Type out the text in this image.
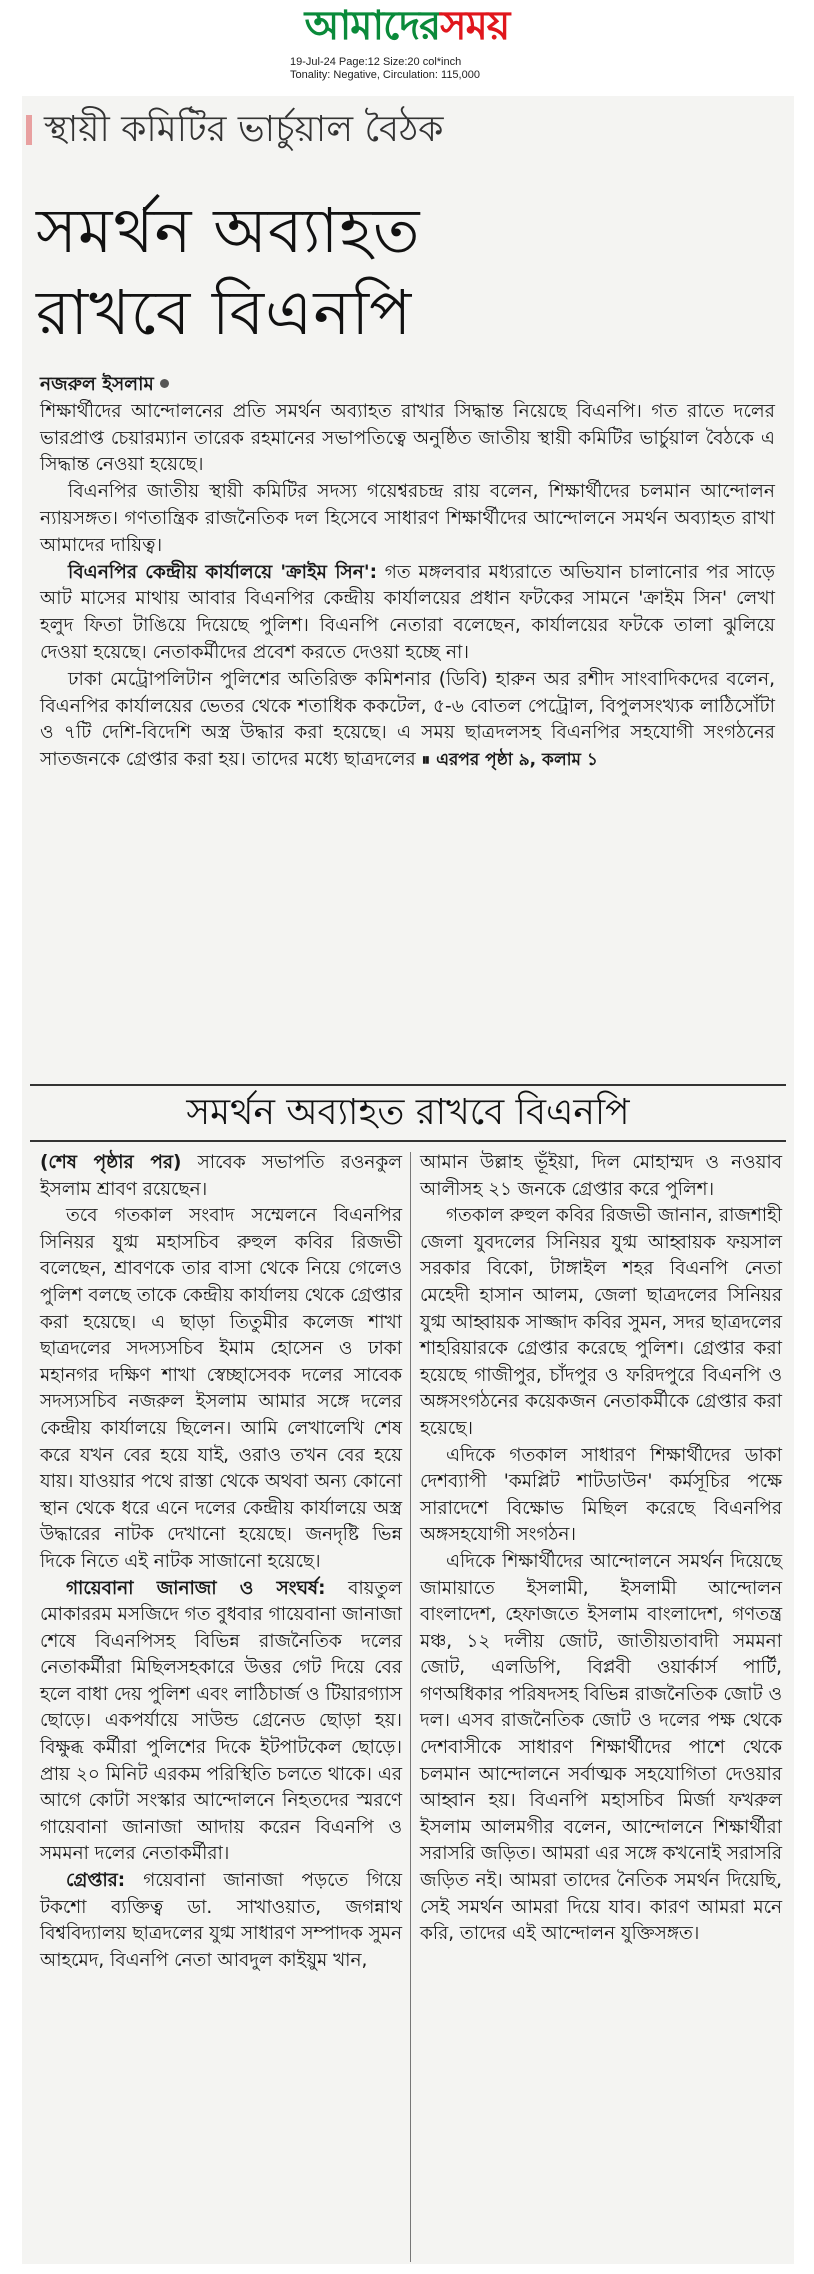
আমাদেরসময়
19-Jul-24 Page:12 Size:20 col*inch
Tonality: Negative, Circulation: 115,000
স্থায়ী কমিটির ভার্চুয়াল বৈঠক
সমর্থন অব্যাহত
রাখবে বিএনপি
নজরুল ইসলাম

শিক্ষার্থীদের আন্দোলনের প্রতি সমর্থন অব্যাহত রাখার সিদ্ধান্ত নিয়েছে বিএনপি। গত রাতে দলের ভারপ্রাপ্ত চেয়ারম্যান তারেক রহমানের সভাপতিত্বে অনুষ্ঠিত জাতীয় স্থায়ী কমিটির ভার্চুয়াল বৈঠকে এ সিদ্ধান্ত নেওয়া হয়েছে।

বিএনপির জাতীয় স্থায়ী কমিটির সদস্য গয়েশ্বরচন্দ্র রায় বলেন, শিক্ষার্থীদের চলমান আন্দোলন ন্যায়সঙ্গত। গণতান্ত্রিক রাজনৈতিক দল হিসেবে সাধারণ শিক্ষার্থীদের আন্দোলনে সমর্থন অব্যাহত রাখা আমাদের দায়িত্ব।

বিএনপির কেন্দ্রীয় কার্যালয়ে 'ক্রাইম সিন': গত মঙ্গলবার মধ্যরাতে অভিযান চালানোর পর সাড়ে আট মাসের মাথায় আবার বিএনপির কেন্দ্রীয় কার্যালয়ের প্রধান ফটকের সামনে 'ক্রাইম সিন' লেখা হলুদ ফিতা টাঙিয়ে দিয়েছে পুলিশ। বিএনপি নেতারা বলেছেন, কার্যালয়ের ফটকে তালা ঝুলিয়ে দেওয়া হয়েছে। নেতাকর্মীদের প্রবেশ করতে দেওয়া হচ্ছে না।

ঢাকা মেট্রোপলিটান পুলিশের অতিরিক্ত কমিশনার (ডিবি) হারুন অর রশীদ সাংবাদিকদের বলেন, বিএনপির কার্যালয়ের ভেতর থেকে শতাধিক ককটেল, ৫-৬ বোতল পেট্রোল, বিপুলসংখ্যক লাঠিসোঁটা ও ৭টি দেশি-বিদেশি অস্ত্র উদ্ধার করা হয়েছে। এ সময় ছাত্রদলসহ বিএনপির সহযোগী সংগঠনের সাতজনকে গ্রেপ্তার করা হয়। তাদের মধ্যে ছাত্রদলের ⏸ এরপর পৃষ্ঠা ৯, কলাম ১

সমর্থন অব্যাহত রাখবে বিএনপি

(শেষ পৃষ্ঠার পর) সাবেক সভাপতি রওনকুল ইসলাম শ্রাবণ রয়েছেন।

তবে গতকাল সংবাদ সম্মেলনে বিএনপির সিনিয়র যুগ্ম মহাসচিব রুহুল কবির রিজভী বলেছেন, শ্রাবণকে তার বাসা থেকে নিয়ে গেলেও পুলিশ বলছে তাকে কেন্দ্রীয় কার্যালয় থেকে গ্রেপ্তার করা হয়েছে। এ ছাড়া তিতুমীর কলেজ শাখা ছাত্রদলের সদস্যসচিব ইমাম হোসেন ও ঢাকা মহানগর দক্ষিণ শাখা স্বেচ্ছাসেবক দলের সাবেক সদস্যসচিব নজরুল ইসলাম আমার সঙ্গে দলের কেন্দ্রীয় কার্যালয়ে ছিলেন। আমি লেখালেখি শেষ করে যখন বের হয়ে যাই, ওরাও তখন বের হয়ে যায়। যাওয়ার পথে রাস্তা থেকে অথবা অন্য কোনো স্থান থেকে ধরে এনে দলের কেন্দ্রীয় কার্যালয়ে অস্ত্র উদ্ধারের নাটক দেখানো হয়েছে। জনদৃষ্টি ভিন্ন দিকে নিতে এই নাটক সাজানো হয়েছে।

গায়েবানা জানাজা ও সংঘর্ষ: বায়তুল মোকাররম মসজিদে গত বুধবার গায়েবানা জানাজা শেষে বিএনপিসহ বিভিন্ন রাজনৈতিক দলের নেতাকর্মীরা মিছিলসহকারে উত্তর গেট দিয়ে বের হলে বাধা দেয় পুলিশ এবং লাঠিচার্জ ও টিয়ারগ্যাস ছোড়ে। একপর্যায়ে সাউন্ড গ্রেনেড ছোড়া হয়। বিক্ষুব্ধ কর্মীরা পুলিশের দিকে ইটপাটকেল ছোড়ে। প্রায় ২০ মিনিট এরকম পরিস্থিতি চলতে থাকে। এর আগে কোটা সংস্কার আন্দোলনে নিহতদের স্মরণে গায়েবানা জানাজা আদায় করেন বিএনপি ও সমমনা দলের নেতাকর্মীরা।

গ্রেপ্তার: গয়েবানা জানাজা পড়তে গিয়ে টকশো ব্যক্তিত্ব ডা. সাখাওয়াত, জগন্নাথ বিশ্ববিদ্যালয় ছাত্রদলের যুগ্ম সাধারণ সম্পাদক সুমন আহমেদ, বিএনপি নেতা আবদুল কাইয়ুম খান,

আমান উল্লাহ ভূঁইয়া, দিল মোহাম্মদ ও নওয়াব আলীসহ ২১ জনকে গ্রেপ্তার করে পুলিশ।

গতকাল রুহুল কবির রিজভী জানান, রাজশাহী জেলা যুবদলের সিনিয়র যুগ্ম আহ্বায়ক ফয়সাল সরকার বিকো, টাঙ্গাইল শহর বিএনপি নেতা মেহেদী হাসান আলম, জেলা ছাত্রদলের সিনিয়র যুগ্ম আহ্বায়ক সাজ্জাদ কবির সুমন, সদর ছাত্রদলের শাহরিয়ারকে গ্রেপ্তার করেছে পুলিশ। গ্রেপ্তার করা হয়েছে গাজীপুর, চাঁদপুর ও ফরিদপুরে বিএনপি ও অঙ্গসংগঠনের কয়েকজন নেতাকর্মীকে গ্রেপ্তার করা হয়েছে।

এদিকে গতকাল সাধারণ শিক্ষার্থীদের ডাকা দেশব্যাপী 'কমপ্লিট শাটডাউন' কর্মসূচির পক্ষে সারাদেশে বিক্ষোভ মিছিল করেছে বিএনপির অঙ্গসহযোগী সংগঠন।

এদিকে শিক্ষার্থীদের আন্দোলনে সমর্থন দিয়েছে জামায়াতে ইসলামী, ইসলামী আন্দোলন বাংলাদেশ, হেফাজতে ইসলাম বাংলাদেশ, গণতন্ত্র মঞ্চ, ১২ দলীয় জোট, জাতীয়তাবাদী সমমনা জোট, এলডিপি, বিপ্লবী ওয়ার্কার্স পার্টি, গণঅধিকার পরিষদসহ বিভিন্ন রাজনৈতিক জোট ও দল। এসব রাজনৈতিক জোট ও দলের পক্ষ থেকে দেশবাসীকে সাধারণ শিক্ষার্থীদের পাশে থেকে চলমান আন্দোলনে সর্বাত্মক সহযোগিতা দেওয়ার আহ্বান হয়। বিএনপি মহাসচিব মির্জা ফখরুল ইসলাম আলমগীর বলেন, আন্দোলনে শিক্ষার্থীরা সরাসরি জড়িত। আমরা এর সঙ্গে কখনোই সরাসরি জড়িত নই। আমরা তাদের নৈতিক সমর্থন দিয়েছি, সেই সমর্থন আমরা দিয়ে যাব। কারণ আমরা মনে করি, তাদের এই আন্দোলন যুক্তিসঙ্গত।
